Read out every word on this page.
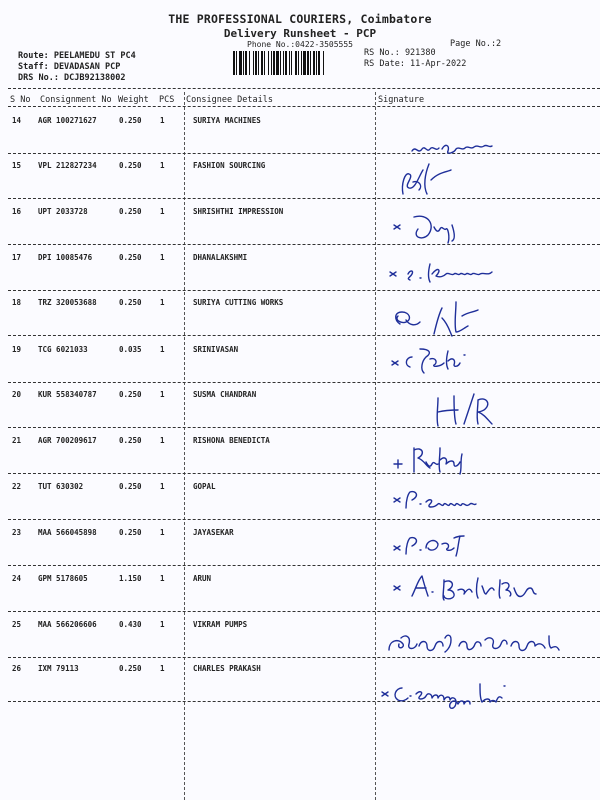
THE PROFESSIONAL COURIERS, Coimbatore
Delivery Runsheet - PCP
Phone No.:0422-3505555	Page No.:2
Route: PEELAMEDU ST PC4
Staff: DEVADASAN PCP
DRS No.: DCJB92138002
RS No.: 921380
RS Date: 11-Apr-2022
S No Consignment No Weight PCS Consignee Details	Signature
14 AGR 100271627	0.250 1	SURIYA MACHINES
15 VPL 212827234	0.250 1	FASHION SOURCING
16 UPT 2033728	0.250 1	SHRISHTHI IMPRESSION
17 DPI 10085476	0.250 1	DHANALAKSHMI
18 TRZ 320053688	0.250 1	SURIYA CUTTING WORKS
19 TCG 6021033	0.035 1	SRINIVASAN
20 KUR 558340787	0.250 1	SUSMA CHANDRAN
21 AGR 700209617	0.250 1	RISHONA BENEDICTA
22 TUT 630302	0.250 1	GOPAL
23 MAA 566045898	0.250 1	JAYASEKAR
24 GPM 5178605	1.150 1	ARUN
25 MAA 566206606	0.430 1	VIKRAM PUMPS
26 IXM 79113	0.250 1	CHARLES PRAKASH
